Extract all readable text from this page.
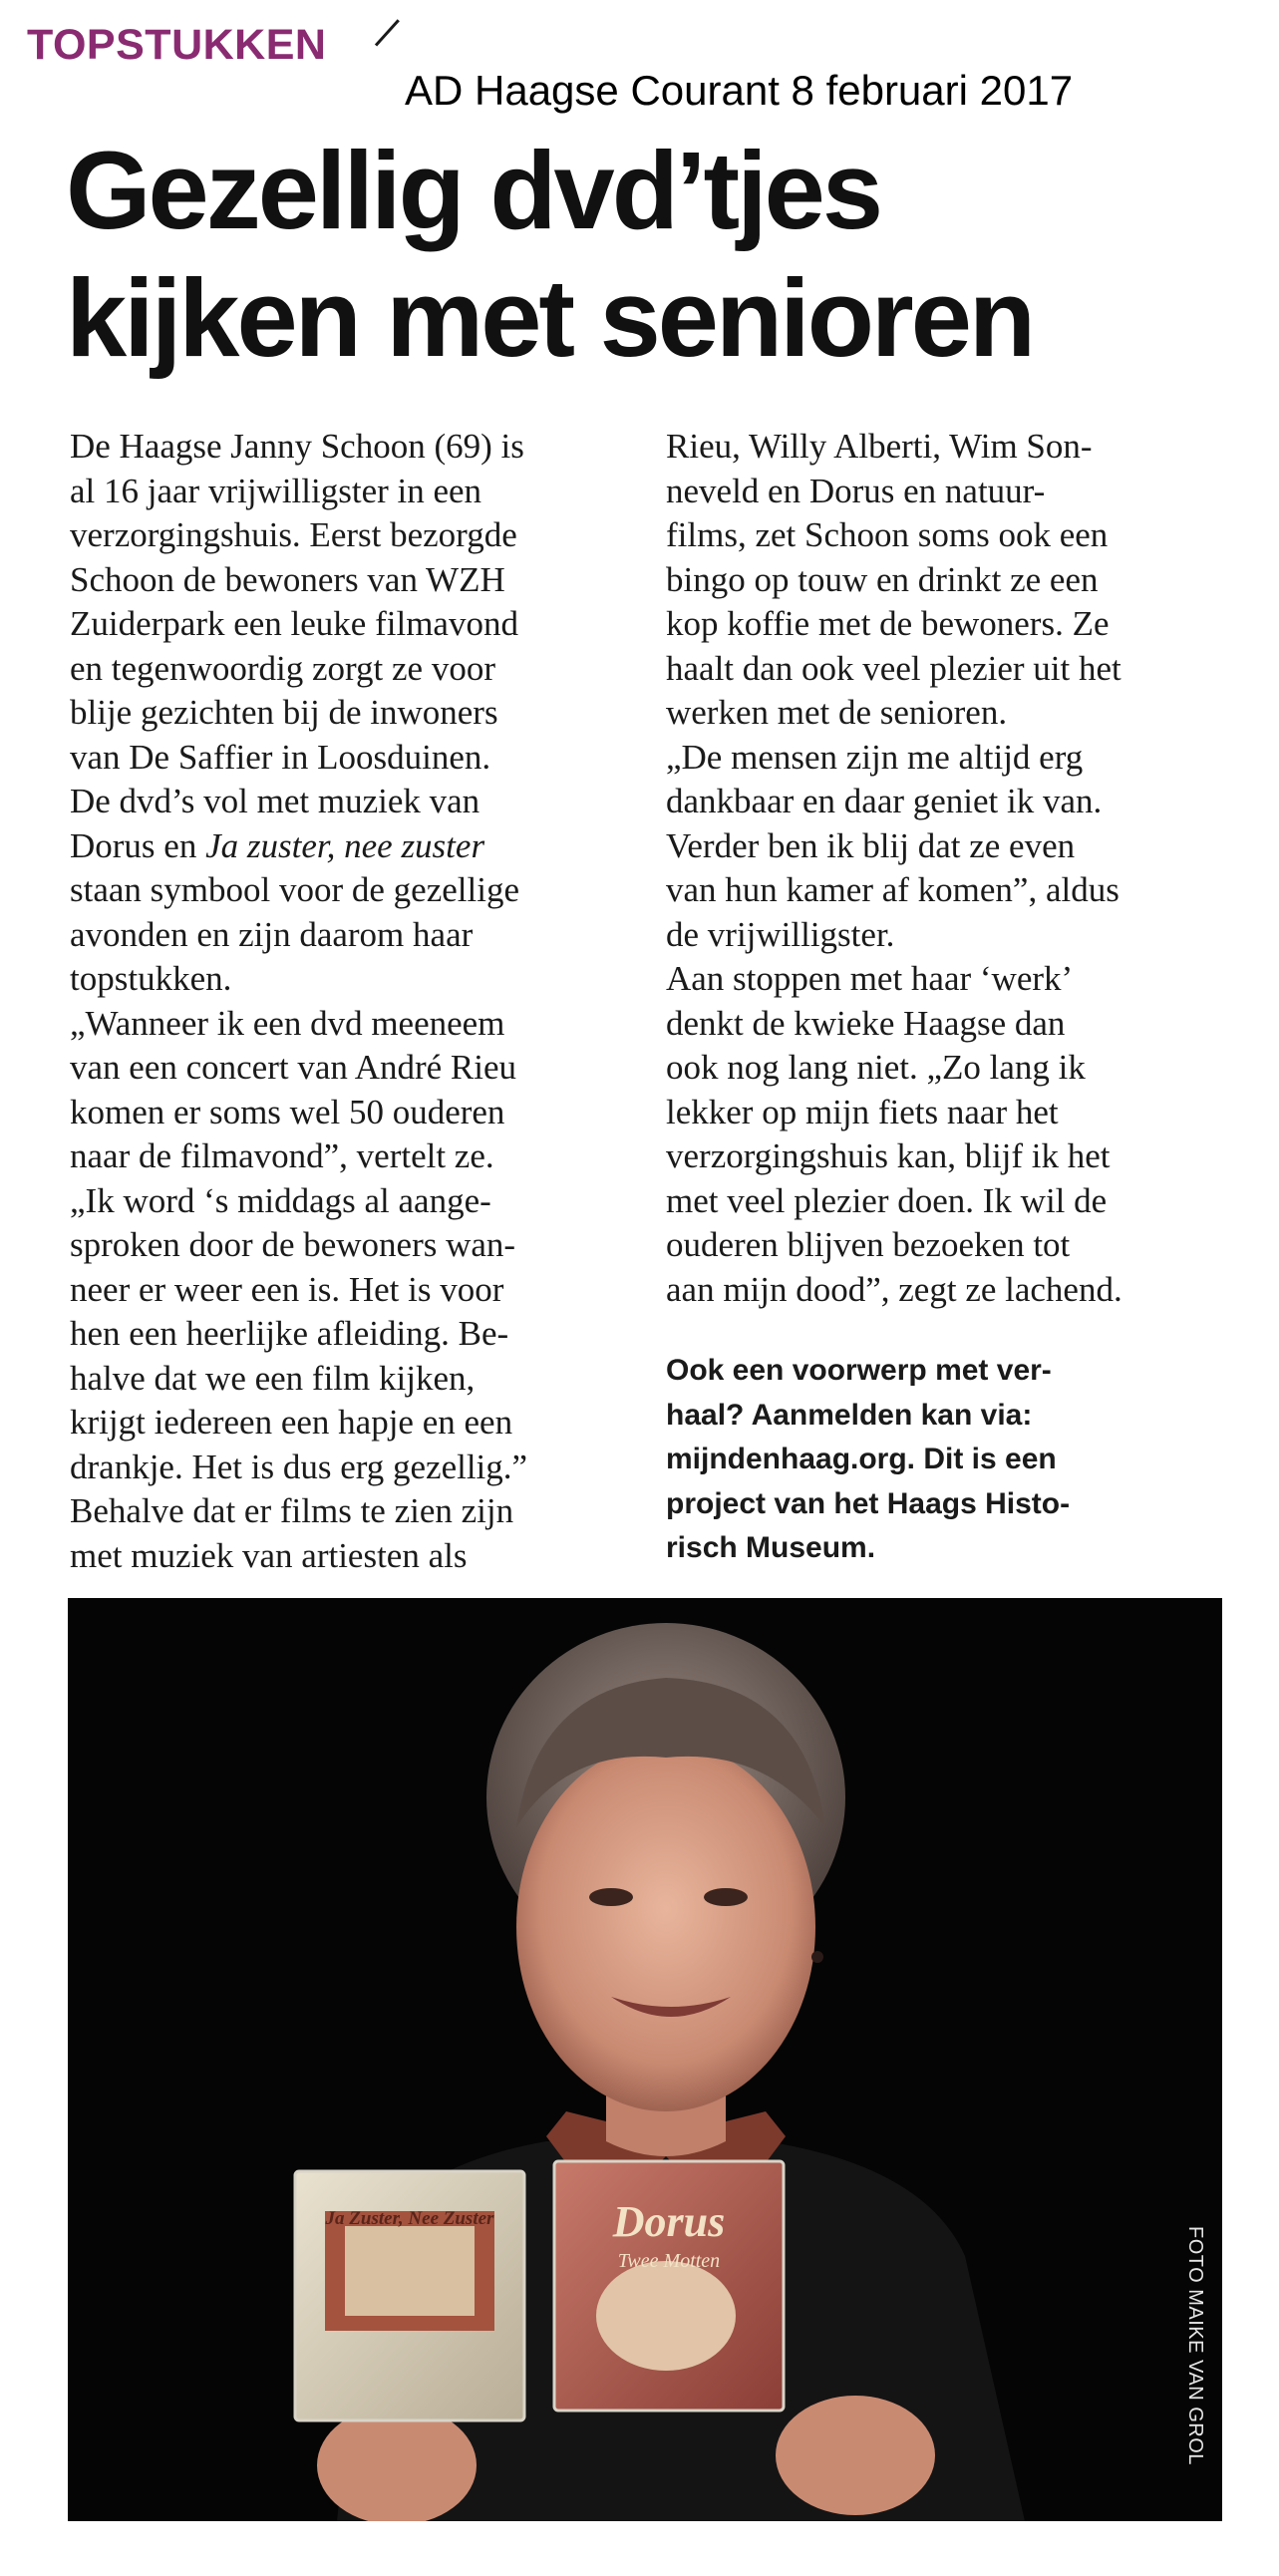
TOPSTUKKEN
AD Haagse Courant 8 februari 2017
Gezellig dvd’tjes
kijken met senioren
De Haagse Janny Schoon (69) is
al 16 jaar vrijwilligster in een
verzorgingshuis. Eerst bezorgde
Schoon de bewoners van WZH
Zuiderpark een leuke filmavond
en tegenwoordig zorgt ze voor
blije gezichten bij de inwoners
van De Saffier in Loosduinen.
De dvd’s vol met muziek van
Dorus en Ja zuster, nee zuster
staan symbool voor de gezellige
avonden en zijn daarom haar
topstukken.
„Wanneer ik een dvd meeneem
van een concert van André Rieu
komen er soms wel 50 ouderen
naar de filmavond”, vertelt ze.
„Ik word ‘s middags al aange-
sproken door de bewoners wan-
neer er weer een is. Het is voor
hen een heerlijke afleiding. Be-
halve dat we een film kijken,
krijgt iedereen een hapje en een
drankje. Het is dus erg gezellig.”
Behalve dat er films te zien zijn
met muziek van artiesten als
Rieu, Willy Alberti, Wim Son-
neveld en Dorus en natuur-
films, zet Schoon soms ook een
bingo op touw en drinkt ze een
kop koffie met de bewoners. Ze
haalt dan ook veel plezier uit het
werken met de senioren.
„De mensen zijn me altijd erg
dankbaar en daar geniet ik van.
Verder ben ik blij dat ze even
van hun kamer af komen”, aldus
de vrijwilligster.
Aan stoppen met haar ‘werk’
denkt de kwieke Haagse dan
ook nog lang niet. „Zo lang ik
lekker op mijn fiets naar het
verzorgingshuis kan, blijf ik het
met veel plezier doen. Ik wil de
ouderen blijven bezoeken tot
aan mijn dood”, zegt ze lachend.
Ook een voorwerp met ver-
haal? Aanmelden kan via:
mijndenhaag.org. Dit is een
project van het Haags Histo-
risch Museum.
Ja Zuster, Nee Zuster	Dorus
Twee Motten	FOTO MAIKE VAN GROL
